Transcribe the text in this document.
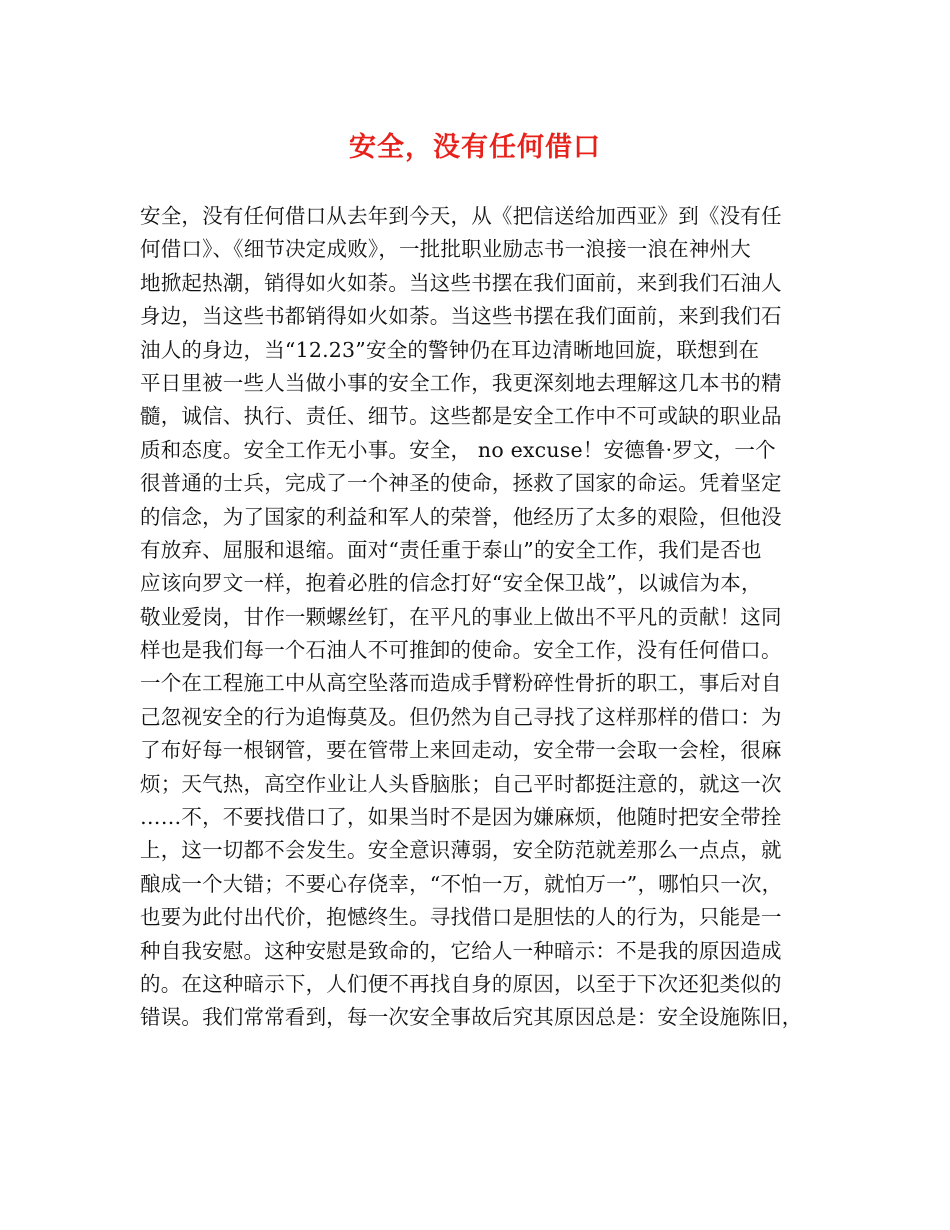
安全，没有任何借口
安全，没有任何借口从去年到今天，从《把信送给加西亚》到《没有任
何借口》、《细节决定成败》，一批批职业励志书一浪接一浪在神州大
地掀起热潮，销得如火如荼。当这些书摆在我们面前，来到我们石油人
身边，当这些书都销得如火如荼。当这些书摆在我们面前，来到我们石
油人的身边，当“12.23”安全的警钟仍在耳边清晰地回旋，联想到在
平日里被一些人当做小事的安全工作，我更深刻地去理解这几本书的精
髓，诚信、执行、责任、细节。这些都是安全工作中不可或缺的职业品
质和态度。安全工作无小事。安全， no excuse！安德鲁·罗文，一个
很普通的士兵，完成了一个神圣的使命，拯救了国家的命运。凭着坚定
的信念，为了国家的利益和军人的荣誉，他经历了太多的艰险，但他没
有放弃、屈服和退缩。面对“责任重于泰山”的安全工作，我们是否也
应该向罗文一样，抱着必胜的信念打好“安全保卫战”，以诚信为本，
敬业爱岗，甘作一颗螺丝钉，在平凡的事业上做出不平凡的贡献！这同
样也是我们每一个石油人不可推卸的使命。安全工作，没有任何借口。
一个在工程施工中从高空坠落而造成手臂粉碎性骨折的职工，事后对自
己忽视安全的行为追悔莫及。但仍然为自己寻找了这样那样的借口：为
了布好每一根钢管，要在管带上来回走动，安全带一会取一会栓，很麻
烦；天气热，高空作业让人头昏脑胀；自己平时都挺注意的，就这一次
……不，不要找借口了，如果当时不是因为嫌麻烦，他随时把安全带拴
上，这一切都不会发生。安全意识薄弱，安全防范就差那么一点点，就
酿成一个大错；不要心存侥幸，“不怕一万，就怕万一”，哪怕只一次，
也要为此付出代价，抱憾终生。寻找借口是胆怯的人的行为，只能是一
种自我安慰。这种安慰是致命的，它给人一种暗示：不是我的原因造成
的。在这种暗示下，人们便不再找自身的原因，以至于下次还犯类似的
错误。我们常常看到，每一次安全事故后究其原因总是：安全设施陈旧，
